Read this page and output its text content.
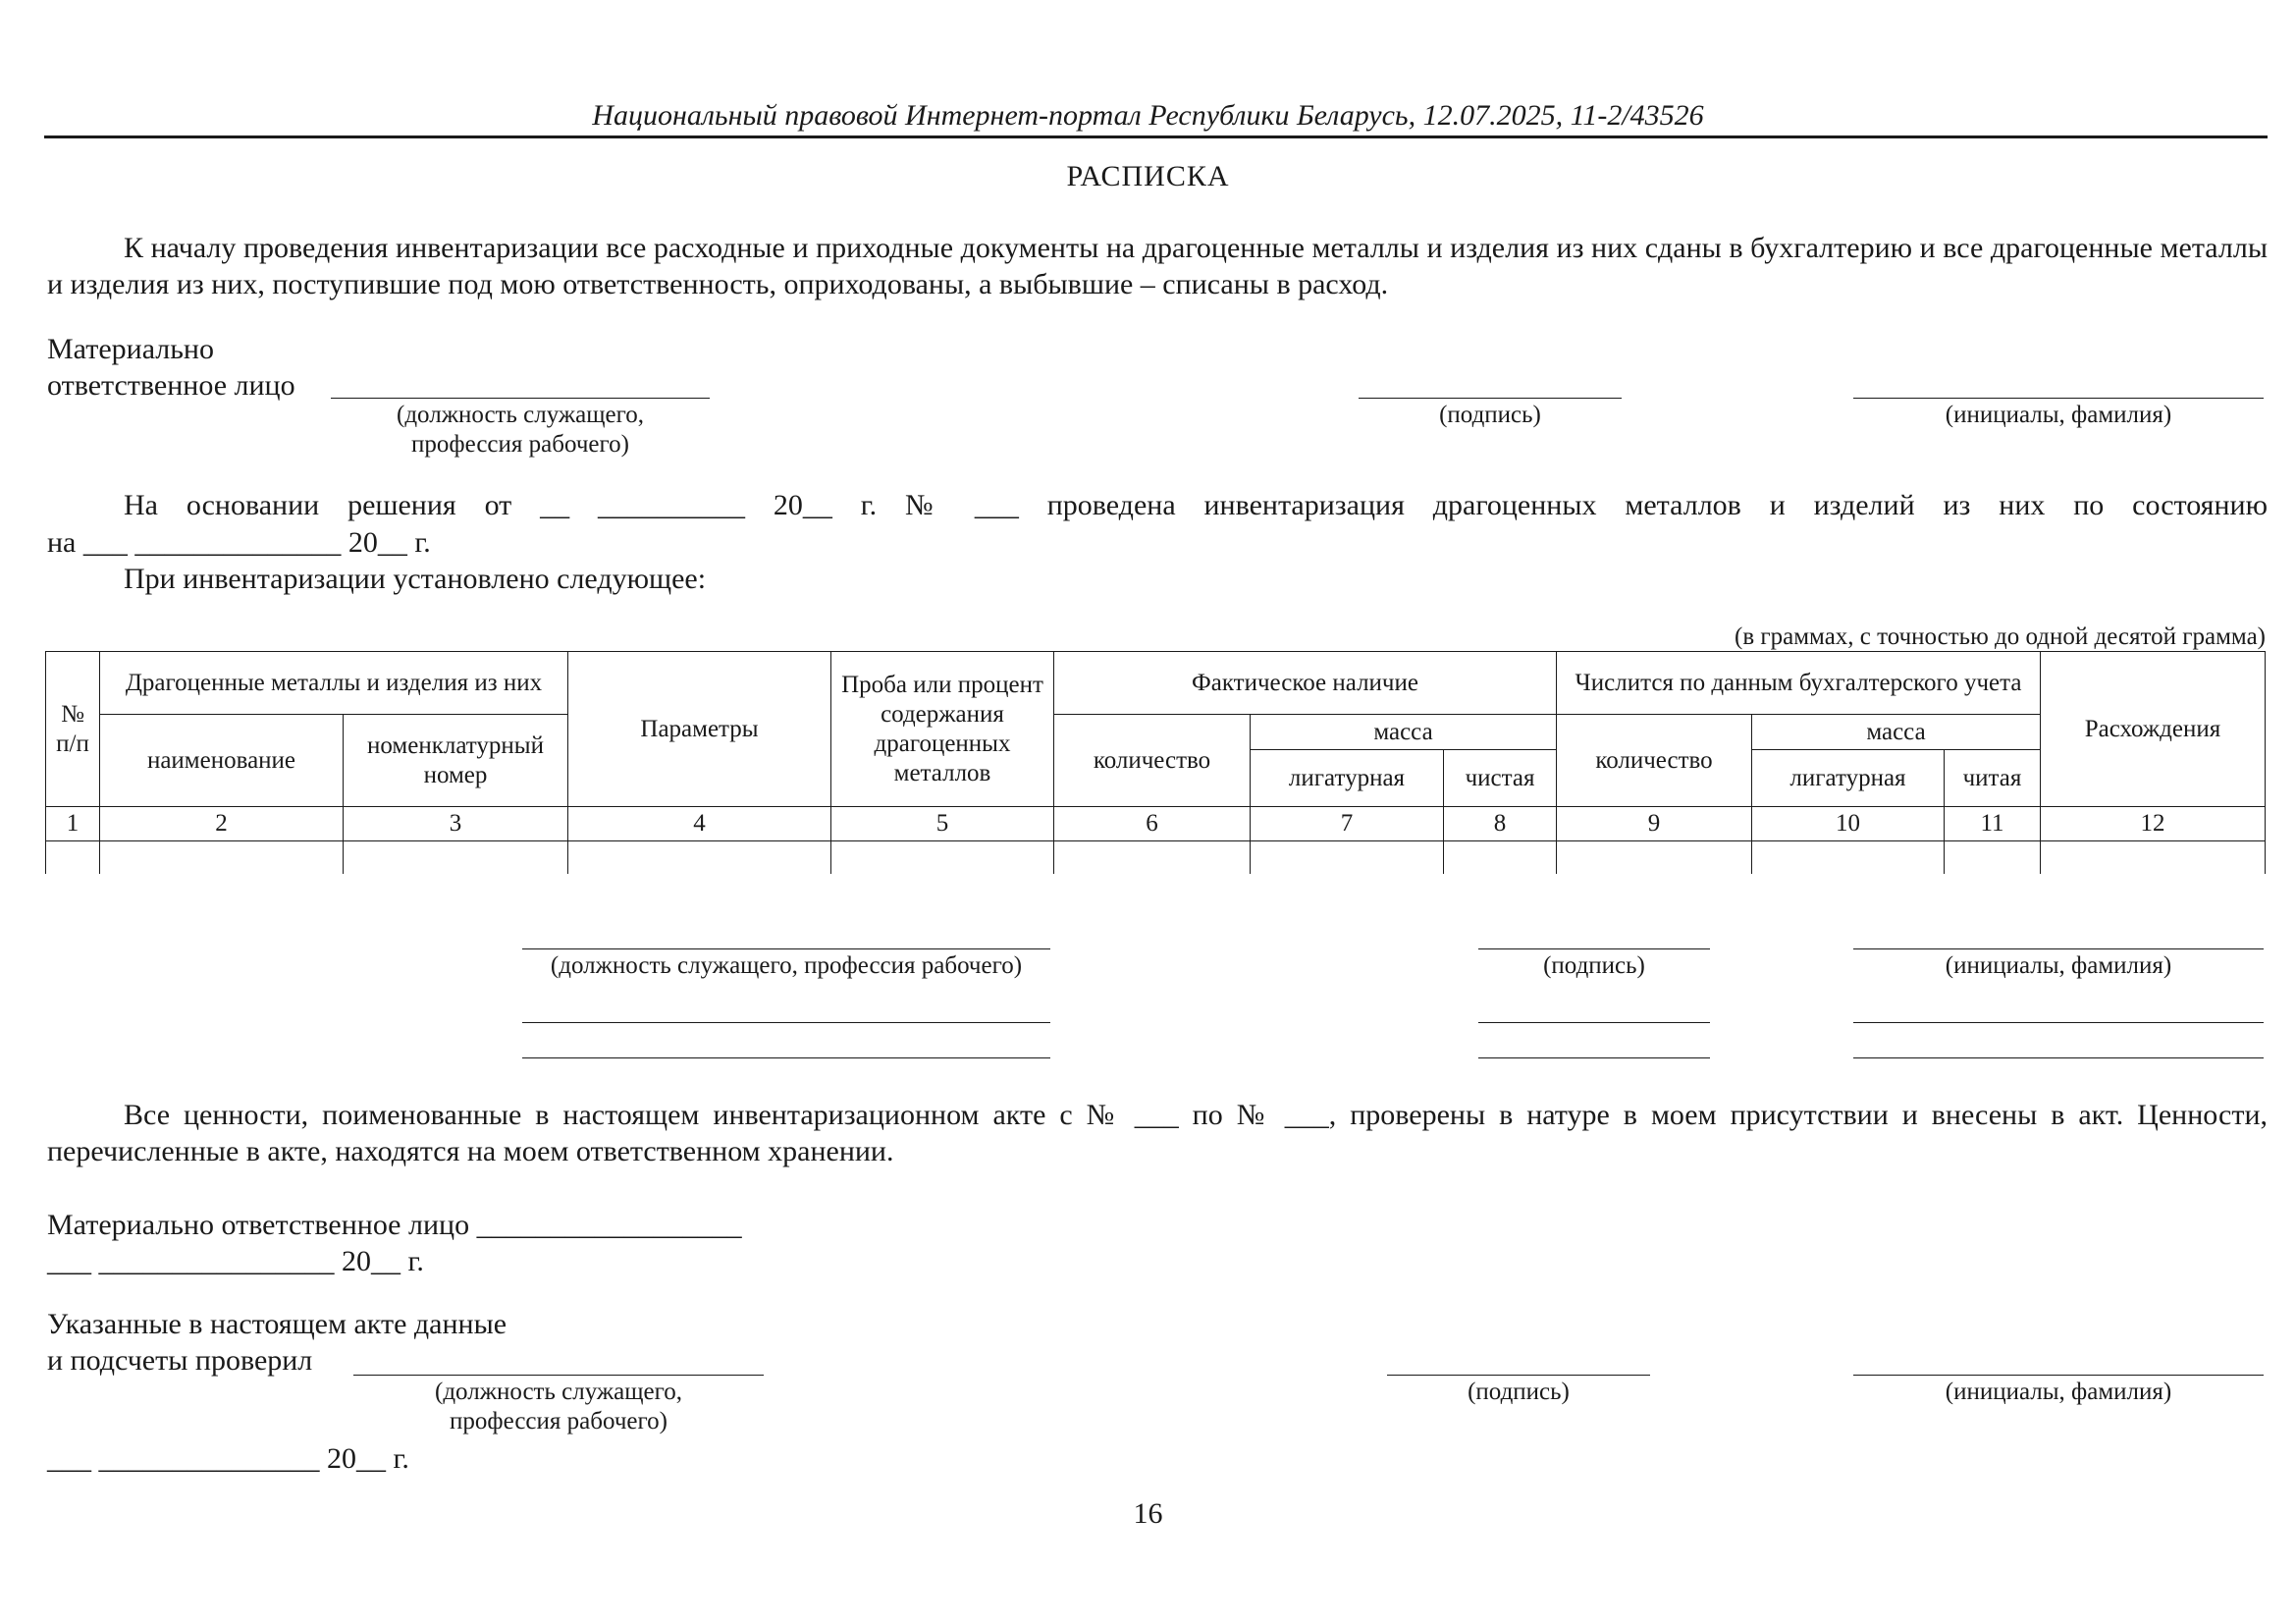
Национальный правовой Интернет-портал Республики Беларусь, 12.07.2025, 11-2/43526
РАСПИСКА
К началу проведения инвентаризации все расходные и приходные документы на драгоценные металлы и изделия из них сданы в бухгалтерию и все драгоценные металлы и изделия из них, поступившие под мою ответственность, оприходованы, а выбывшие – списаны в расход.
Материально
ответственное лицо
(должность служащего,
профессия рабочего)
(подпись)	(инициалы, фамилия)
На основании решения от __ __________ 20__ г. № ___ проведена инвентаризация драгоценных металлов и изделий из них по состоянию
на ___ ______________ 20__ г.
При инвентаризации установлено следующее:
(в граммах, с точностью до одной десятой грамма)
№ п/п	Драгоценные металлы и изделия из них		Параметры	Проба или процент содержания драгоценных металлов	Фактическое наличие			Числится по данным бухгалтерского учета			Расхождения
	наименование	номенклатурный номер			количество	масса		количество	масса		
						лигатурная	чистая		лигатурная	читая	
1	2	3	4	5	6	7	8	9	10	11	12

(должность служащего, профессия рабочего)	(подпись)	(инициалы, фамилия)
Все ценности, поименованные в настоящем инвентаризационном акте с № ___ по № ___, проверены в натуре в моем присутствии и внесены в акт. Ценности, перечисленные в акте, находятся на моем ответственном хранении.
Материально ответственное лицо __________________
___ ________________ 20__ г.
Указанные в настоящем акте данные
и подсчеты проверил
(должность служащего,
профессия рабочего)
(подпись)	(инициалы, фамилия)
___ _______________ 20__ г.
16
